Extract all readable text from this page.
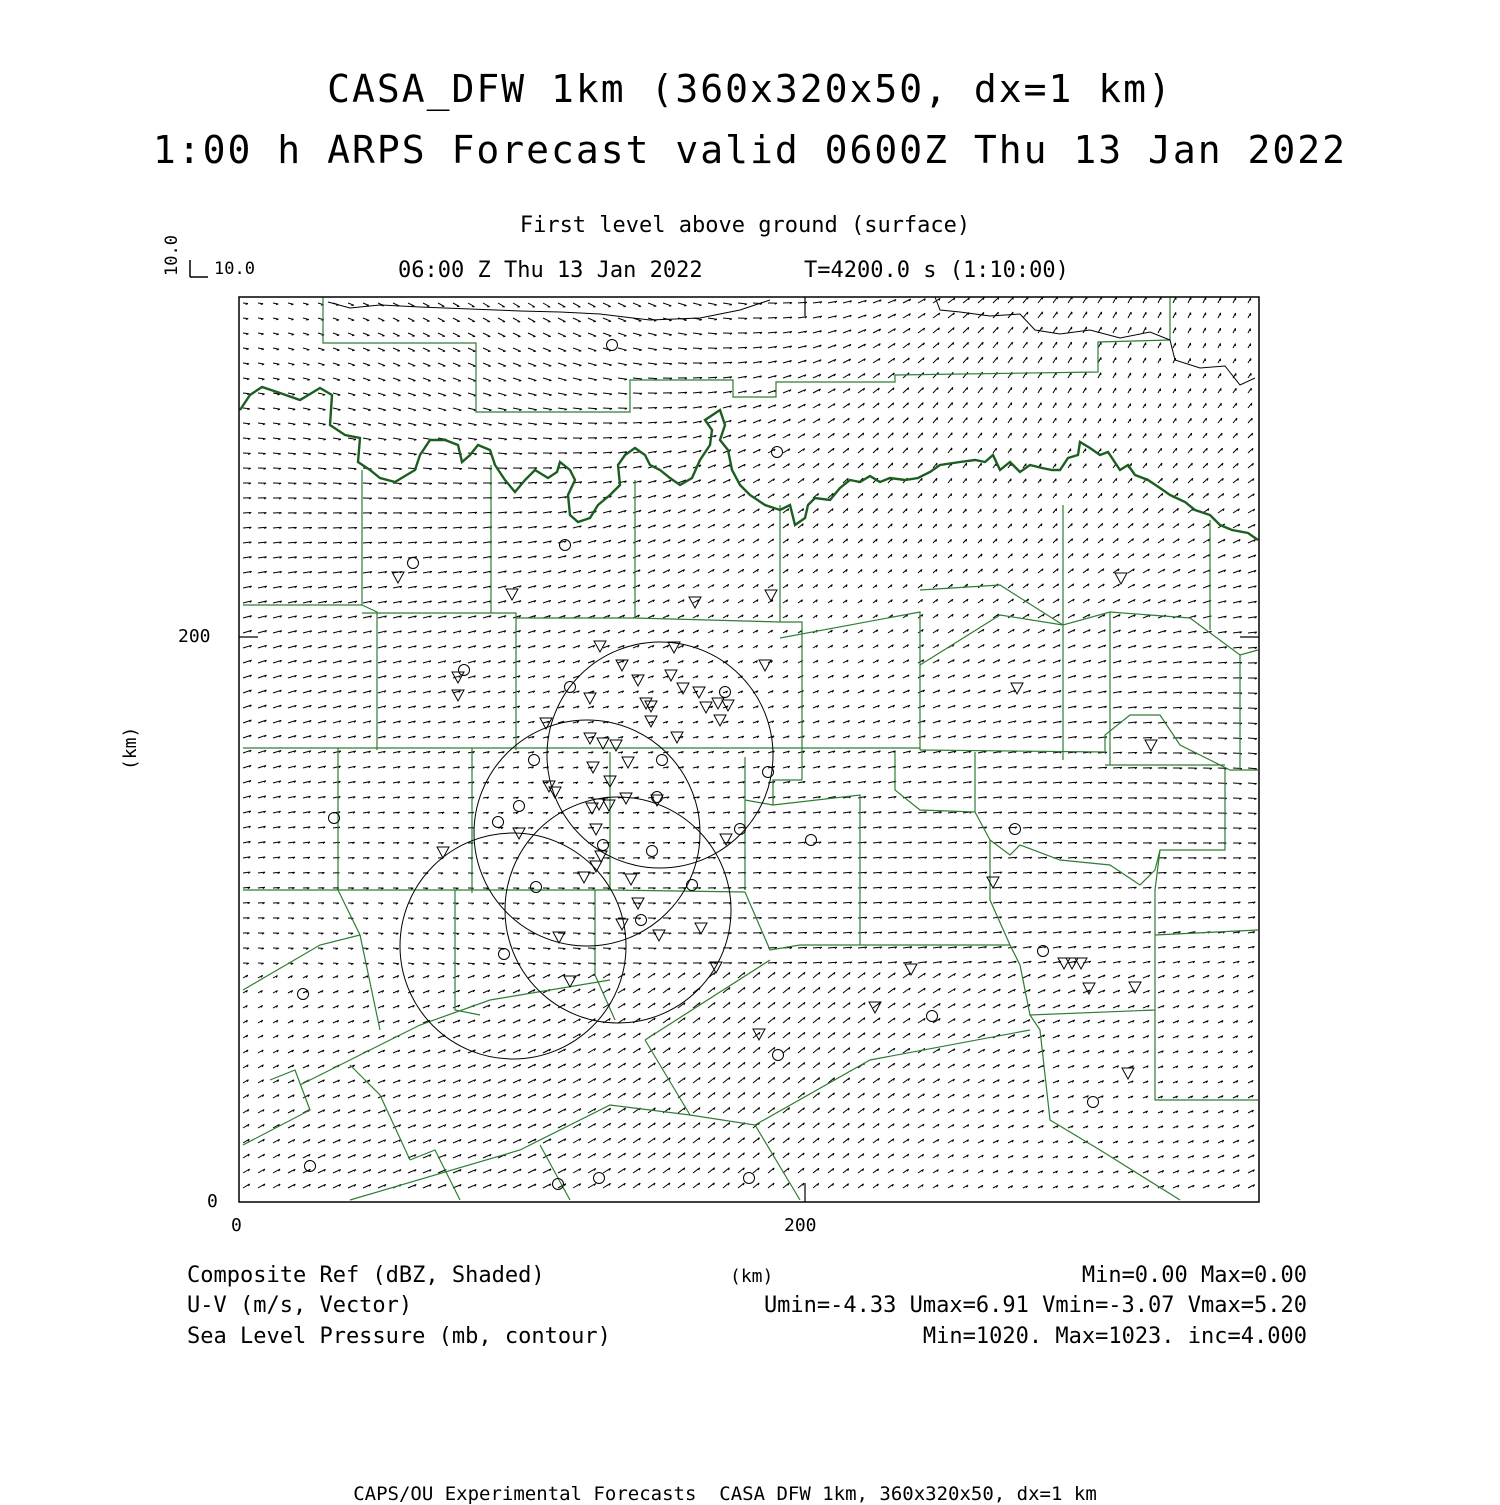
CASA_DFW 1km (360x320x50, dx=1 km)
1:00 h ARPS Forecast valid 0600Z Thu 13 Jan 2022
First level above ground (surface)
06:00 Z Thu 13 Jan 2022	T=4200.0 s (1:10:00)
10.0
10.0
0
200
0	200
(km)
(km)
Composite Ref (dBZ, Shaded)	Min=0.00 Max=0.00
U-V (m/s, Vector)	Umin=-4.33 Umax=6.91 Vmin=-3.07 Vmax=5.20
Sea Level Pressure (mb, contour)	Min=1020. Max=1023. inc=4.000
CAPS/OU Experimental Forecasts  CASA DFW 1km, 360x320x50, dx=1 km
